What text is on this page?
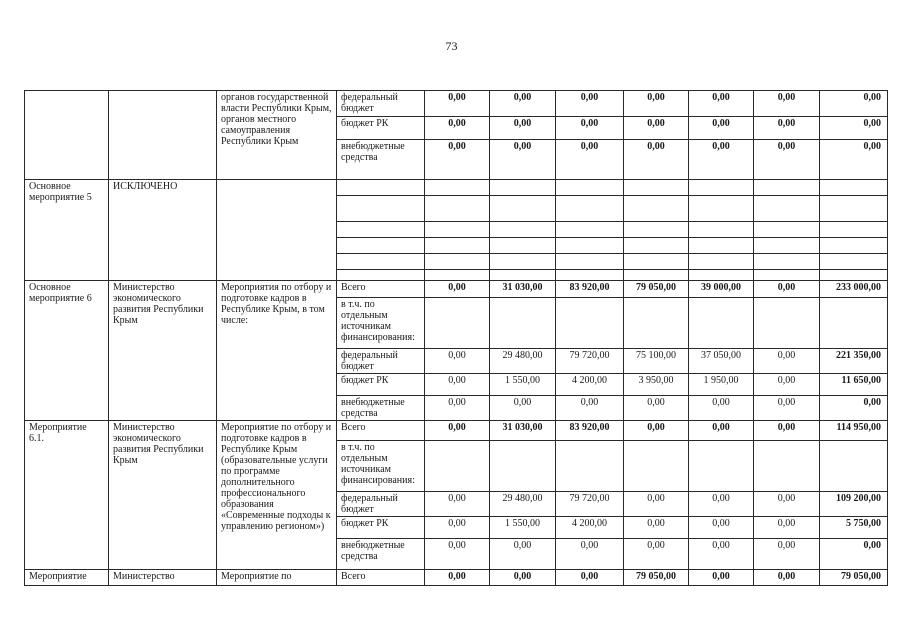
73
		органов государственной власти Республики Крым, органов местного самоуправления Республики Крым	федеральный бюджет	0,00	0,00	0,00	0,00	0,00	0,00	0,00
			бюджет РК	0,00	0,00	0,00	0,00	0,00	0,00	0,00
			внебюджетные средства	0,00	0,00	0,00	0,00	0,00	0,00	0,00
Основное мероприятие 5	ИСКЛЮЧЕНО									

Основное мероприятие 6	Министерство экономического развития Республики Крым	Мероприятия по отбору и подготовке кадров в Республике Крым, в том числе:	Всего	0,00	31 030,00	83 920,00	79 050,00	39 000,00	0,00	233 000,00
			в т.ч. по отдельным источникам финансирования:							
			федеральный бюджет	0,00	29 480,00	79 720,00	75 100,00	37 050,00	0,00	221 350,00
			бюджет РК	0,00	1 550,00	4 200,00	3 950,00	1 950,00	0,00	11 650,00
			внебюджетные средства	0,00	0,00	0,00	0,00	0,00	0,00	0,00
Мероприятие 6.1.	Министерство экономического развития Республики Крым	Мероприятие по отбору и подготовке кадров в Республике Крым (образовательные услуги по программе дополнительного профессионального образования «Современные подходы к управлению регионом»)	Всего	0,00	31 030,00	83 920,00	0,00	0,00	0,00	114 950,00
			в т.ч. по отдельным источникам финансирования:							
			федеральный бюджет	0,00	29 480,00	79 720,00	0,00	0,00	0,00	109 200,00
			бюджет РК	0,00	1 550,00	4 200,00	0,00	0,00	0,00	5 750,00
			внебюджетные средства	0,00	0,00	0,00	0,00	0,00	0,00	0,00
Мероприятие	Министерство	Мероприятие по	Всего	0,00	0,00	0,00	79 050,00	0,00	0,00	79 050,00
